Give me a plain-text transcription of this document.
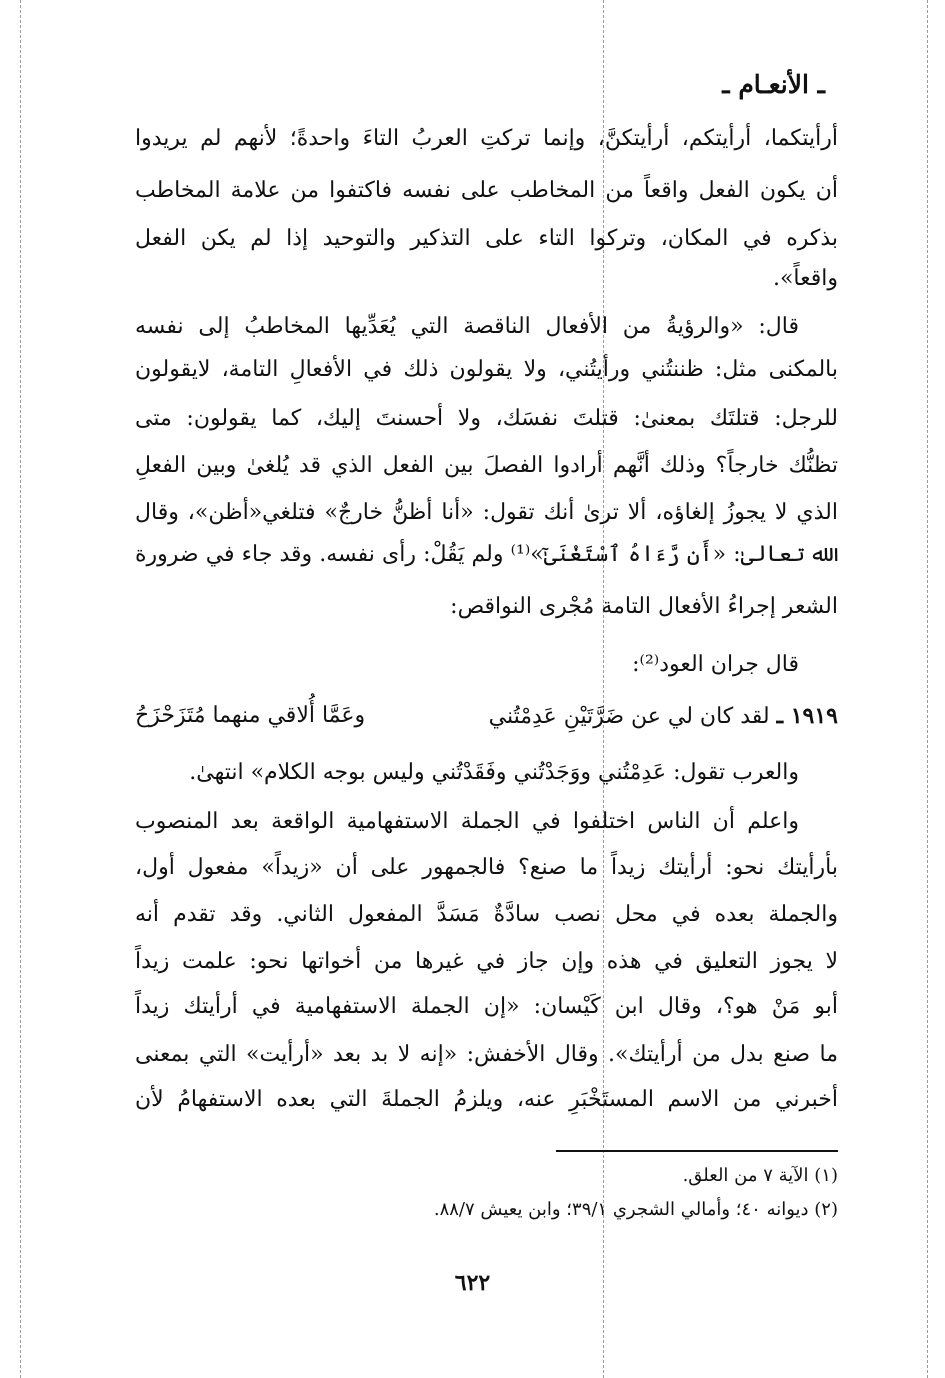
ـ الأنعـام ـ
أرأيتكما، أرأيتكم، أرأيتكنَّ، وإنما تركتِ العربُ التاءَ واحدةً؛ لأنهم لم يريدوا
أن يكون الفعل واقعاً من المخاطب على نفسه فاكتفوا من علامة المخاطب
بذكره في المكان، وتركوا التاء على التذكير والتوحيد إذا لم يكن الفعل
واقعاً».
قال: «والرؤيةُ من الأفعال الناقصة التي يُعَدِّيها المخاطبُ إلى نفسه
بالمكنى مثل: ظننتُني ورأيتُني، ولا يقولون ذلك في الأفعالِ التامة، لايقولون
للرجل: قتلتَك بمعنىٰ: قتلتَ نفسَك، ولا أحسنتَ إليك، كما يقولون: متى
تظنُّك خارجاً؟ وذلك أنَّهم أرادوا الفصلَ بين الفعل الذي قد يُلغىٰ وبين الفعلِ
الذي لا يجوزُ إلغاؤه، ألا ترىٰ أنك تقول: «أنا أظنُّ خارجٌ» فتلغي«أظن»، وقال
الله تعالىٰ: «أَن رَّءَاهُ ٱسْتَغْنَىٰٓ»⁽¹⁾ ولم يَقُلْ: رأى نفسه. وقد جاء في ضرورة
الشعر إجراءُ الأفعال التامة مُجْرى النواقص:
قال جران العود⁽²⁾:
١٩١٩ ـ لقد كان لي عن ضَرَّتَيْنِ عَدِمْتُني
وعَمَّا أُلاقي منهما مُتَزَحْزَحُ
والعرب تقول: عَدِمْتُني ووَجَدْتُني وفَقَدْتُني وليس بوجه الكلام» انتهىٰ.
واعلم أن الناس اختلفوا في الجملة الاستفهامية الواقعة بعد المنصوب
بأرأيتك نحو: أرأيتك زيداً ما صنع؟ فالجمهور على أن «زيداً» مفعول أول،
والجملة بعده في محل نصب سادَّةٌ مَسَدَّ المفعول الثاني. وقد تقدم أنه
لا يجوز التعليق في هذه وإن جاز في غيرها من أخواتها نحو: علمت زيداً
أبو مَنْ هو؟، وقال ابن كَيْسان: «إن الجملة الاستفهامية في أرأيتك زيداً
ما صنع بدل من أرأيتك». وقال الأخفش: «إنه لا بد بعد «أرأيت» التي بمعنى
أخبرني من الاسم المستَخْبَرِ عنه، ويلزمُ الجملةَ التي بعده الاستفهامُ لأن
(١) الآية ٧ من العلق.
(٢) ديوانه ٤٠؛ وأمالي الشجري ٣٩/١؛ وابن يعيش ٨٨/٧.
٦٢٢
